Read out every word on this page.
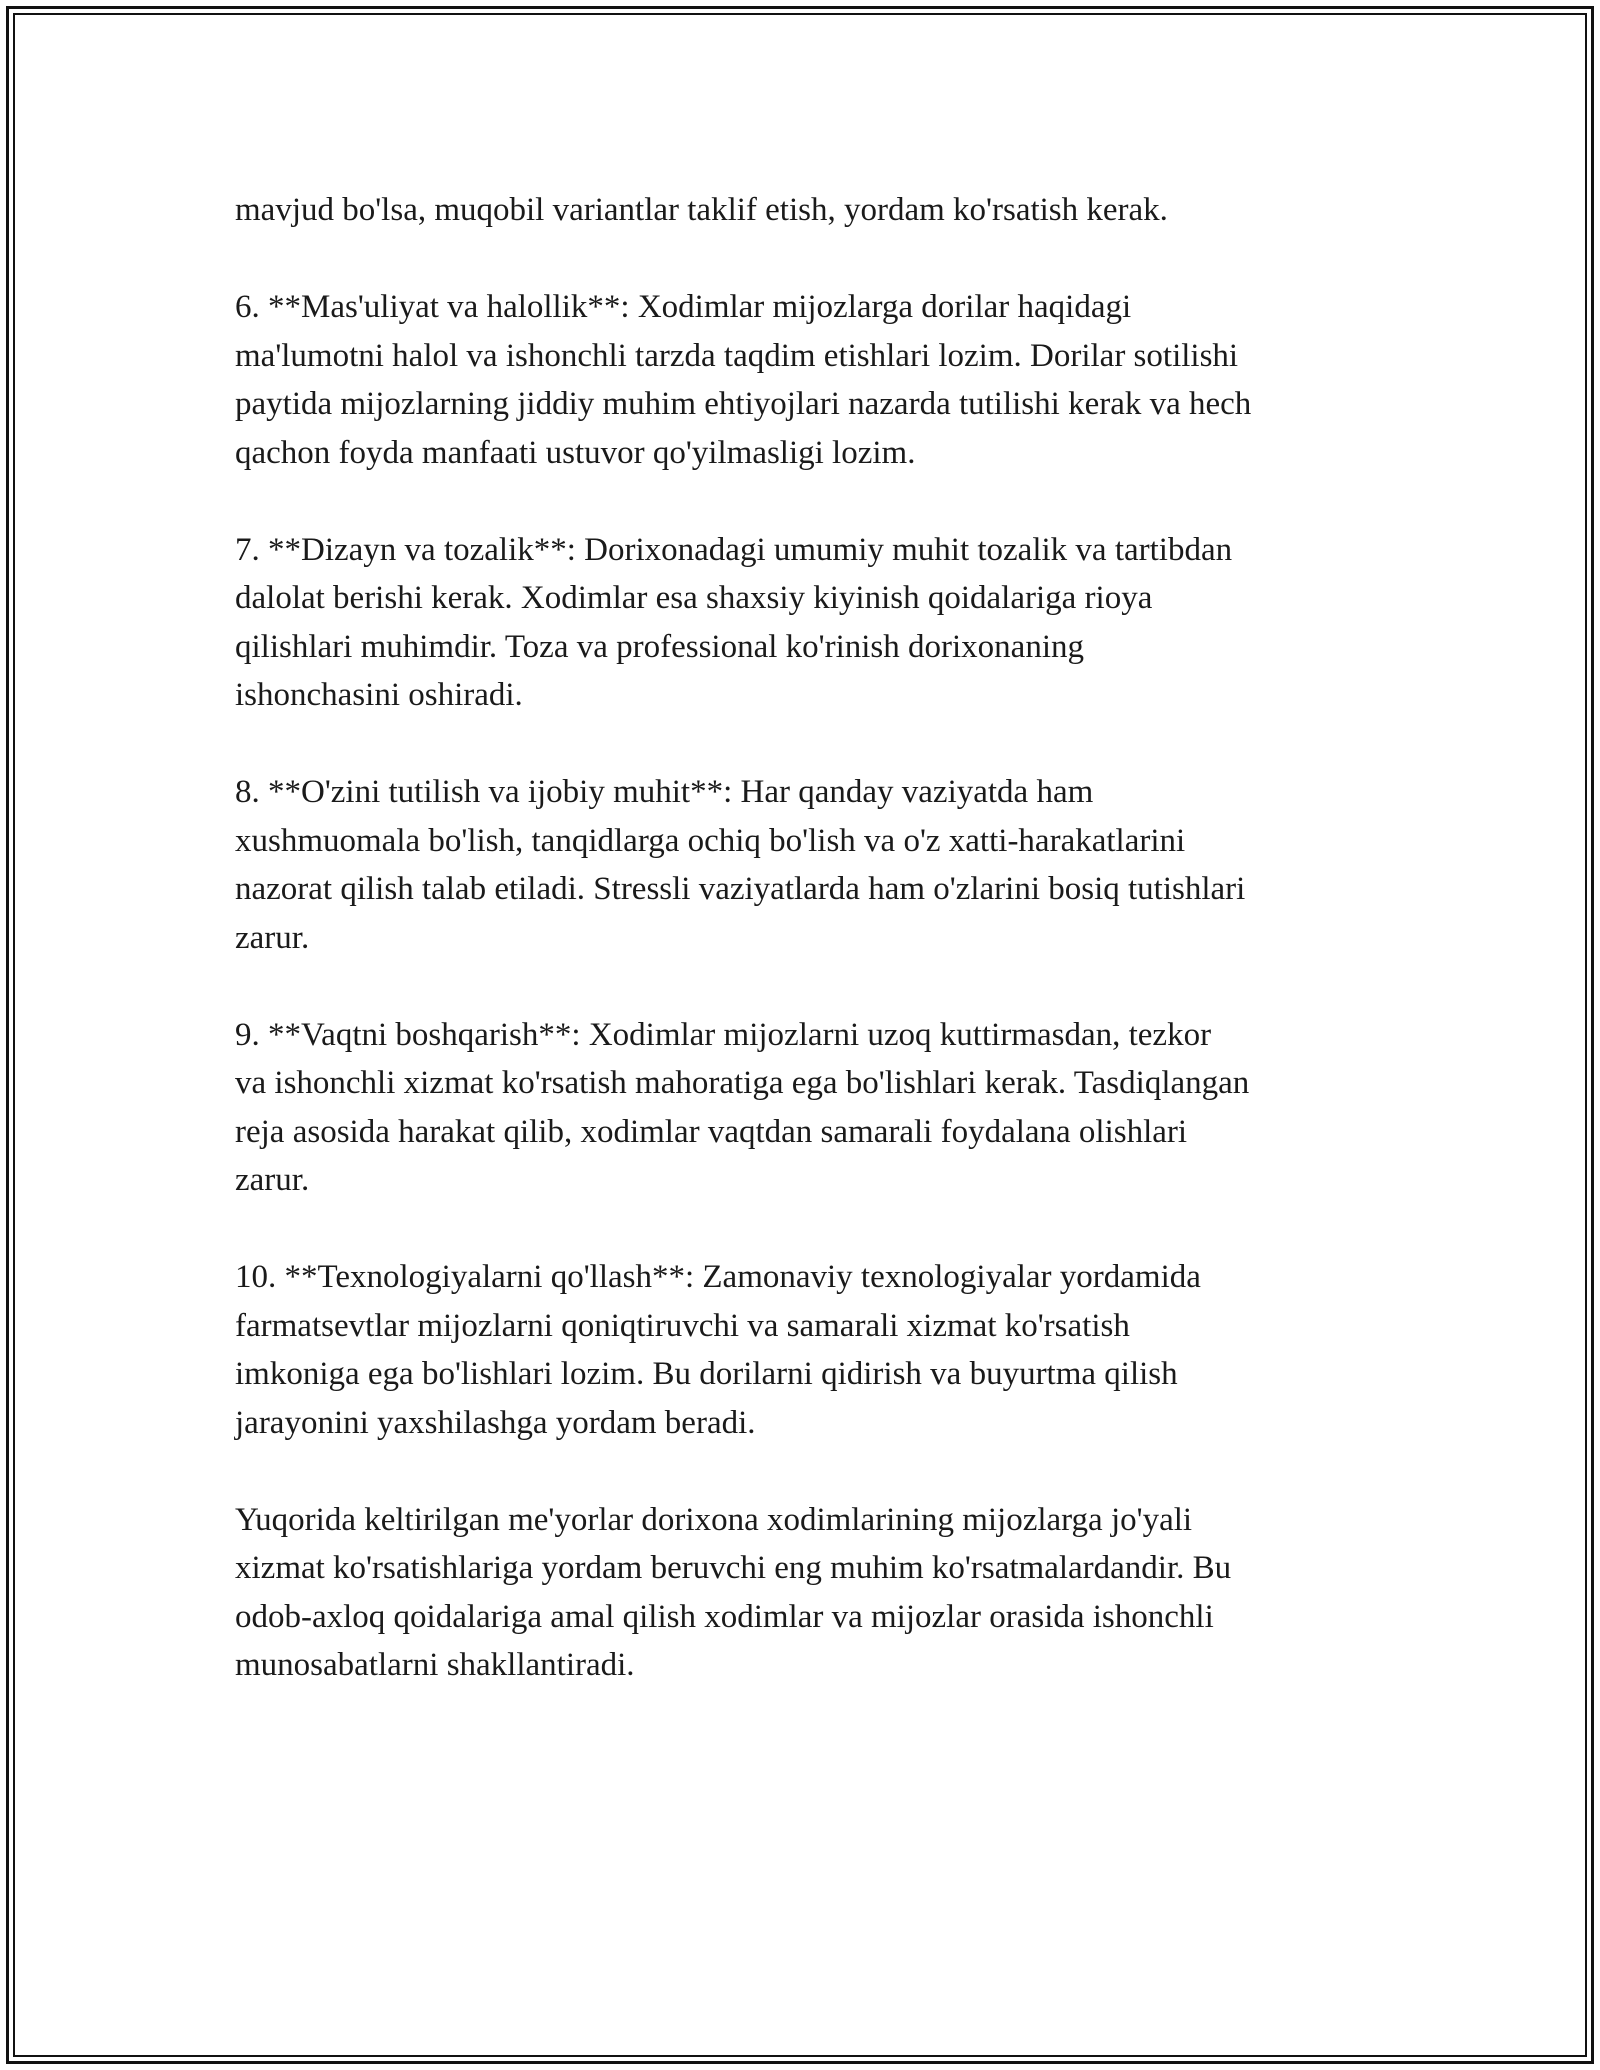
mavjud bo'lsa, muqobil variantlar taklif etish, yordam ko'rsatish kerak.

6. **Mas'uliyat va halollik**: Xodimlar mijozlarga dorilar haqidagi
ma'lumotni halol va ishonchli tarzda taqdim etishlari lozim. Dorilar sotilishi
paytida mijozlarning jiddiy muhim ehtiyojlari nazarda tutilishi kerak va hech
qachon foyda manfaati ustuvor qo'yilmasligi lozim.

7. **Dizayn va tozalik**: Dorixonadagi umumiy muhit tozalik va tartibdan
dalolat berishi kerak. Xodimlar esa shaxsiy kiyinish qoidalariga rioya
qilishlari muhimdir. Toza va professional ko'rinish dorixonaning
ishonchasini oshiradi.

8. **O'zini tutilish va ijobiy muhit**: Har qanday vaziyatda ham
xushmuomala bo'lish, tanqidlarga ochiq bo'lish va o'z xatti-harakatlarini
nazorat qilish talab etiladi. Stressli vaziyatlarda ham o'zlarini bosiq tutishlari
zarur.

9. **Vaqtni boshqarish**: Xodimlar mijozlarni uzoq kuttirmasdan, tezkor
va ishonchli xizmat ko'rsatish mahoratiga ega bo'lishlari kerak. Tasdiqlangan
reja asosida harakat qilib, xodimlar vaqtdan samarali foydalana olishlari
zarur.

10. **Texnologiyalarni qo'llash**: Zamonaviy texnologiyalar yordamida
farmatsevtlar mijozlarni qoniqtiruvchi va samarali xizmat ko'rsatish
imkoniga ega bo'lishlari lozim. Bu dorilarni qidirish va buyurtma qilish
jarayonini yaxshilashga yordam beradi.

Yuqorida keltirilgan me'yorlar dorixona xodimlarining mijozlarga jo'yali
xizmat ko'rsatishlariga yordam beruvchi eng muhim ko'rsatmalardandir. Bu
odob-axloq qoidalariga amal qilish xodimlar va mijozlar orasida ishonchli
munosabatlarni shakllantiradi.
